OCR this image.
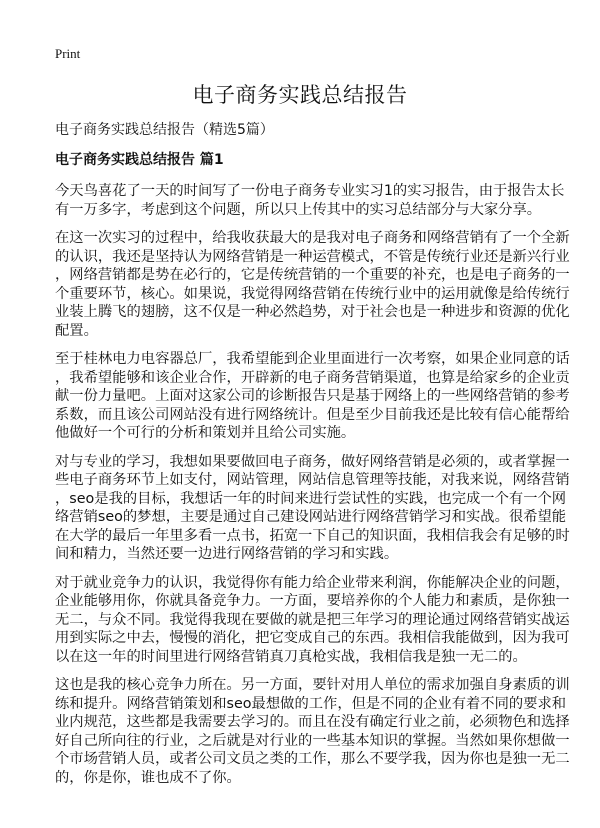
Print
电子商务实践总结报告
电子商务实践总结报告（精选5篇）
电子商务实践总结报告 篇1

今天鸟喜花了一天的时间写了一份电子商务专业实习1的实习报告，由于报告太长
有一万多字，考虑到这个问题，所以只上传其中的实习总结部分与大家分享。

在这一次实习的过程中，给我收获最大的是我对电子商务和网络营销有了一个全新
的认识，我还是坚持认为网络营销是一种运营模式，不管是传统行业还是新兴行业
，网络营销都是势在必行的，它是传统营销的一个重要的补充，也是电子商务的一
个重要环节，核心。如果说，我觉得网络营销在传统行业中的运用就像是给传统行
业装上腾飞的翅膀，这不仅是一种必然趋势，对于社会也是一种进步和资源的优化
配置。

至于桂林电力电容器总厂，我希望能到企业里面进行一次考察，如果企业同意的话
，我希望能够和该企业合作，开辟新的电子商务营销渠道，也算是给家乡的企业贡
献一份力量吧。上面对这家公司的诊断报告只是基于网络上的一些网络营销的参考
系数，而且该公司网站没有进行网络统计。但是至少目前我还是比较有信心能帮给
他做好一个可行的分析和策划并且给公司实施。

对与专业的学习，我想如果要做回电子商务，做好网络营销是必须的，或者掌握一
些电子商务环节上如支付，网站管理，网站信息管理等技能，对我来说，网络营销
，seo是我的目标，我想话一年的时间来进行尝试性的实践，也完成一个有一个网
络营销seo的梦想，主要是通过自己建设网站进行网络营销学习和实战。很希望能
在大学的最后一年里多看一点书，拓宽一下自己的知识面，我相信我会有足够的时
间和精力，当然还要一边进行网络营销的学习和实践。

对于就业竞争力的认识，我觉得你有能力给企业带来利润，你能解决企业的问题，
企业能够用你，你就具备竞争力。一方面，要培养你的个人能力和素质，是你独一
无二，与众不同。我觉得我现在要做的就是把三年学习的理论通过网络营销实战运
用到实际之中去，慢慢的消化，把它变成自己的东西。我相信我能做到，因为我可
以在这一年的时间里进行网络营销真刀真枪实战，我相信我是独一无二的。

这也是我的核心竞争力所在。另一方面，要针对用人单位的需求加强自身素质的训
练和提升。网络营销策划和seo最想做的工作，但是不同的企业有着不同的要求和
业内规范，这些都是我需要去学习的。而且在没有确定行业之前，必须物色和选择
好自己所向往的行业，之后就是对行业的一些基本知识的掌握。当然如果你想做一
个市场营销人员，或者公司文员之类的工作，那么不要学我，因为你也是独一无二
的，你是你，谁也成不了你。
